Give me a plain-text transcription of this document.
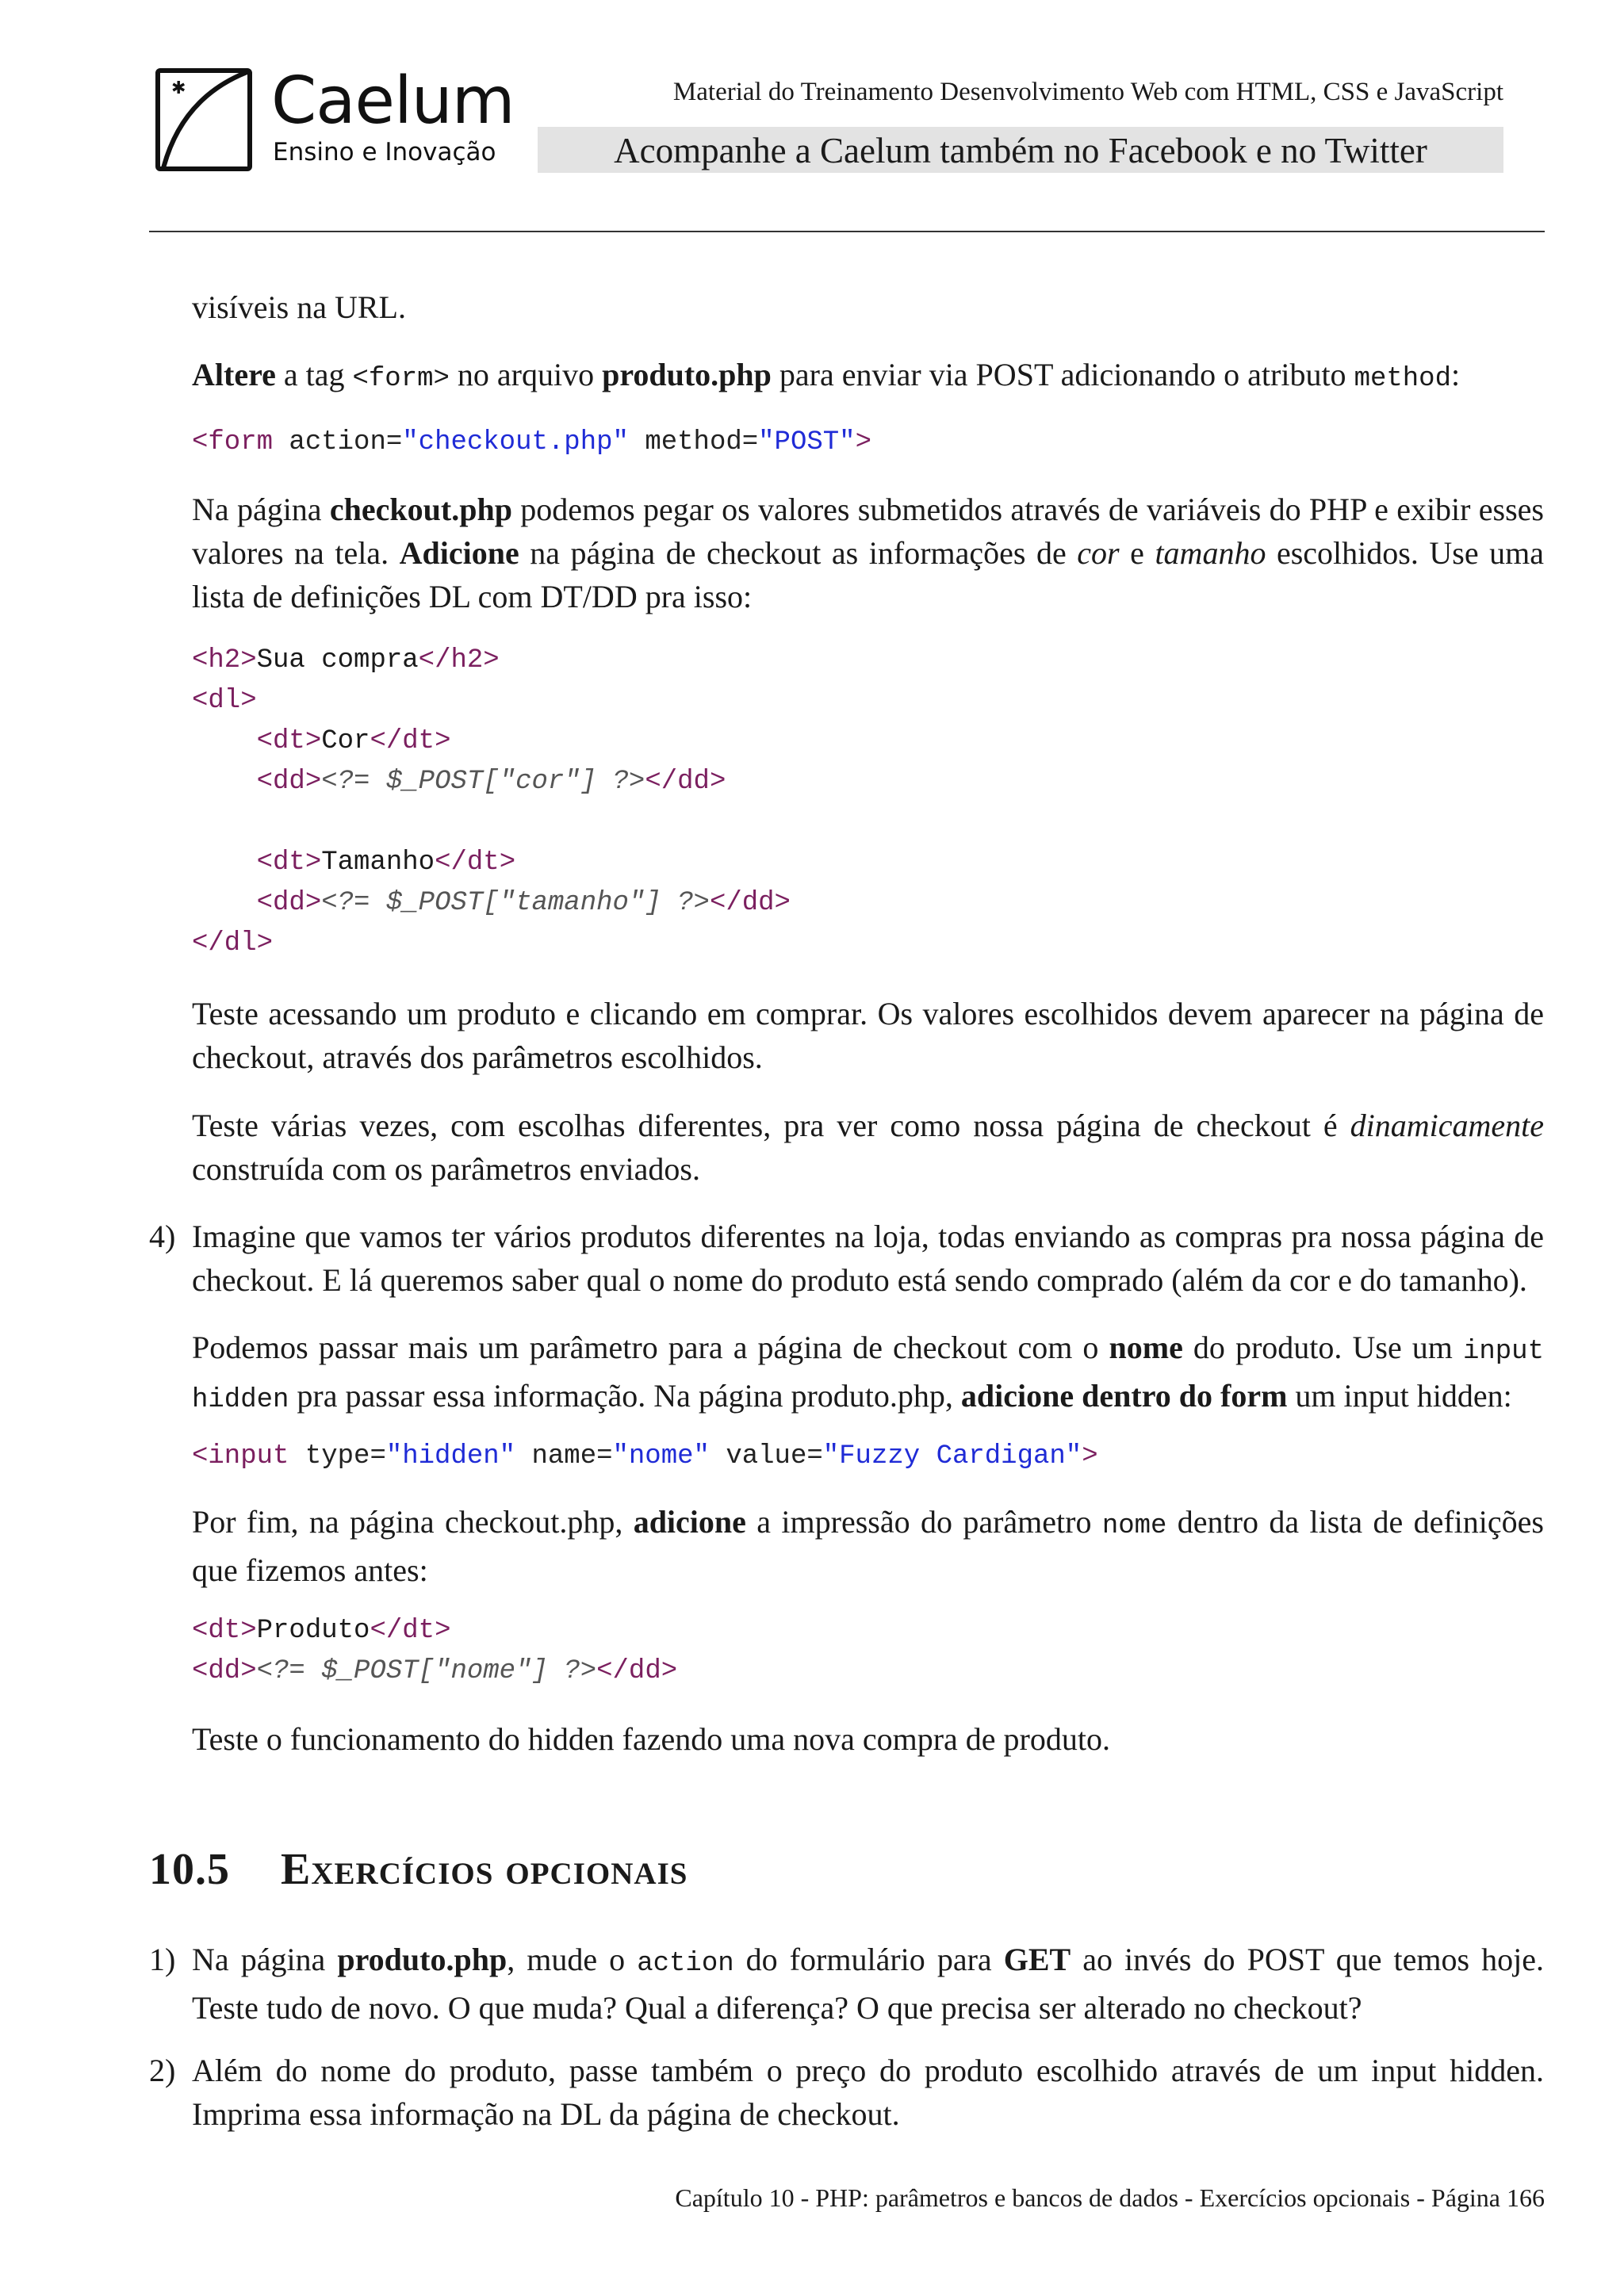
✱ Caelum
Ensino e Inovação
Material do Treinamento Desenvolvimento Web com HTML, CSS e JavaScript
Acompanhe a Caelum também no Facebook e no Twitter
visíveis na URL.
Altere a tag <form> no arquivo produto.php para enviar via POST adicionando o atributo method:
<form action="checkout.php" method="POST">
Na página checkout.php podemos pegar os valores submetidos através de variáveis do PHP e exibir esses valores na tela. Adicione na página de checkout as informações de cor e tamanho escolhidos. Use uma lista de definições DL com DT/DD pra isso:
<h2>Sua compra</h2>
<dl>
<dt>Cor</dt>
<dd><?= $_POST["cor"] ?></dd>

<dt>Tamanho</dt>
<dd><?= $_POST["tamanho"] ?></dd>
</dl>
Teste acessando um produto e clicando em comprar. Os valores escolhidos devem aparecer na página de checkout, através dos parâmetros escolhidos.
Teste várias vezes, com escolhas diferentes, pra ver como nossa página de checkout é dinamicamente construída com os parâmetros enviados.
4) Imagine que vamos ter vários produtos diferentes na loja, todas enviando as compras pra nossa página de checkout. E lá queremos saber qual o nome do produto está sendo comprado (além da cor e do tamanho).
Podemos passar mais um parâmetro para a página de checkout com o nome do produto. Use um input hidden pra passar essa informação. Na página produto.php, adicione dentro do form um input hidden:
<input type="hidden" name="nome" value="Fuzzy Cardigan">
Por fim, na página checkout.php, adicione a impressão do parâmetro nome dentro da lista de definições que fizemos antes:
<dt>Produto</dt>
<dd><?= $_POST["nome"] ?></dd>
Teste o funcionamento do hidden fazendo uma nova compra de produto.
10.5 Exercícios opcionais
1) Na página produto.php, mude o action do formulário para GET ao invés do POST que temos hoje. Teste tudo de novo. O que muda? Qual a diferença? O que precisa ser alterado no checkout?
2) Além do nome do produto, passe também o preço do produto escolhido através de um input hidden. Imprima essa informação na DL da página de checkout.
Capítulo 10 - PHP: parâmetros e bancos de dados - Exercícios opcionais - Página 166
